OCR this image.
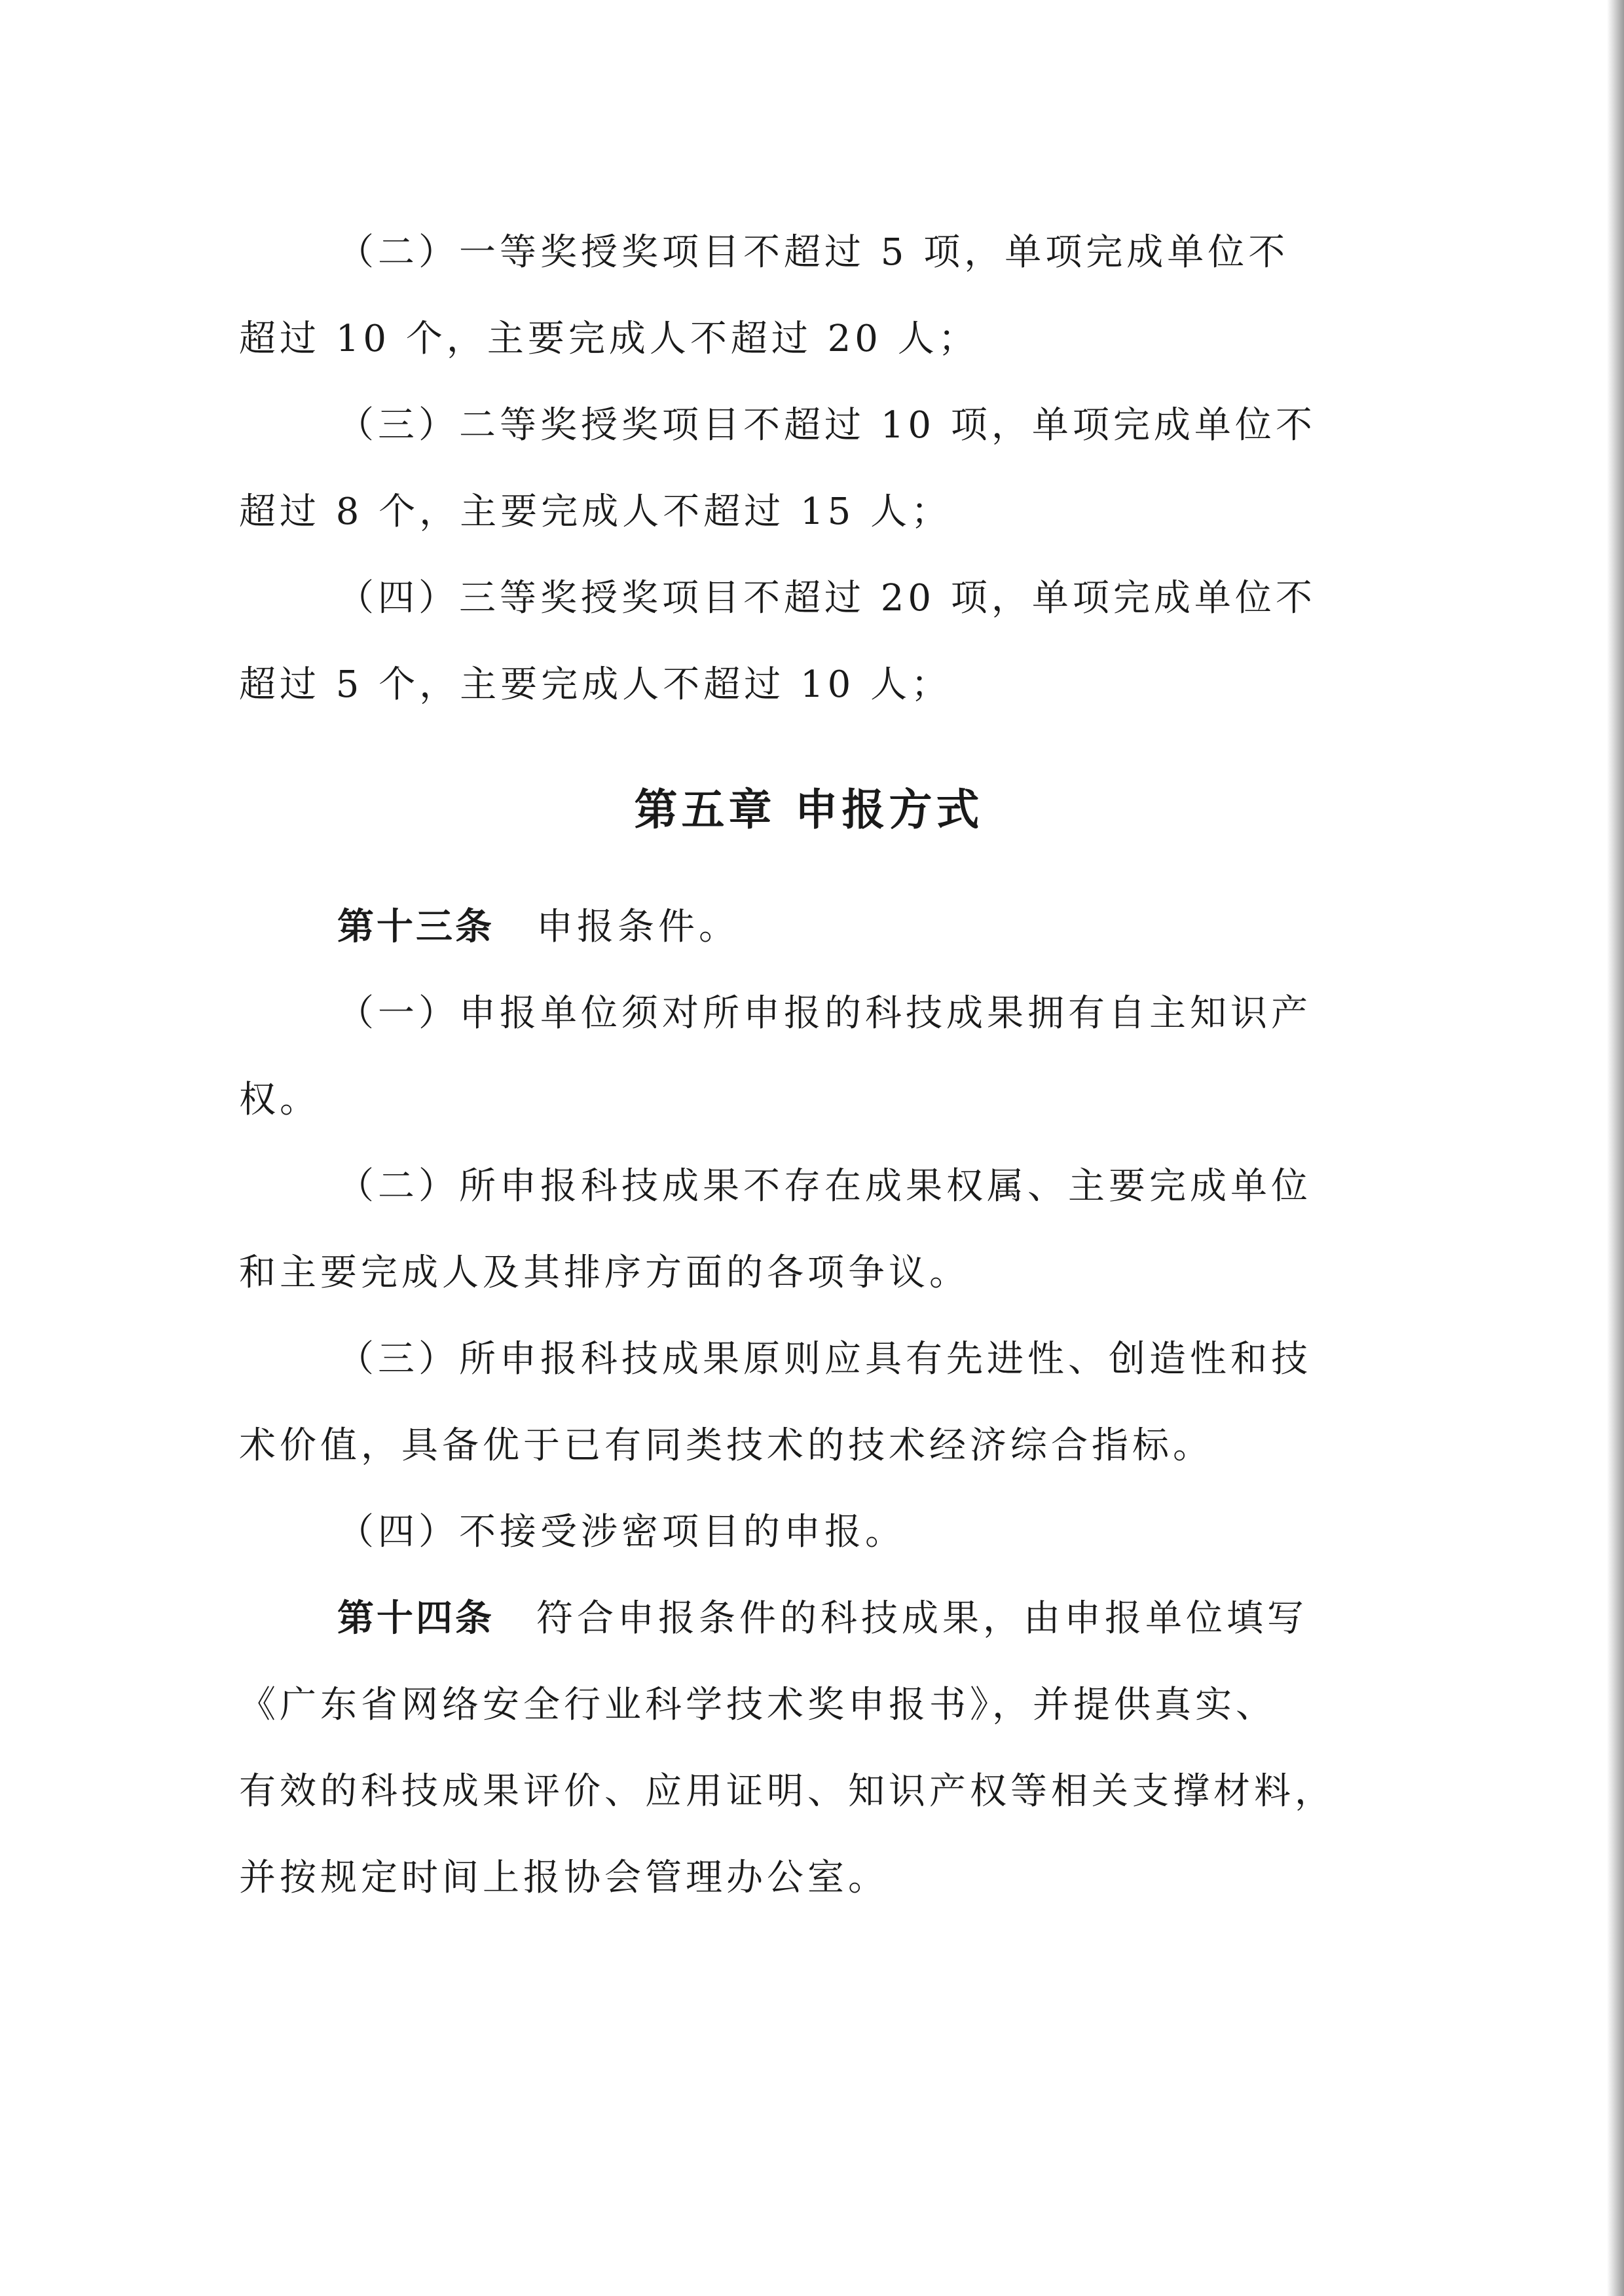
（二）一等奖授奖项目不超过 5 项，单项完成单位不
超过 10 个，主要完成人不超过 20 人；
（三）二等奖授奖项目不超过 10 项，单项完成单位不
超过 8 个，主要完成人不超过 15 人；
（四）三等奖授奖项目不超过 20 项，单项完成单位不
超过 5 个，主要完成人不超过 10 人；
第五章 申报方式
第十三条 申报条件。
（一）申报单位须对所申报的科技成果拥有自主知识产
权。
（二）所申报科技成果不存在成果权属、主要完成单位
和主要完成人及其排序方面的各项争议。
（三）所申报科技成果原则应具有先进性、创造性和技
术价值，具备优于已有同类技术的技术经济综合指标。
（四）不接受涉密项目的申报。
第十四条 符合申报条件的科技成果，由申报单位填写
《广东省网络安全行业科学技术奖申报书》，并提供真实、
有效的科技成果评价、应用证明、知识产权等相关支撑材料，
并按规定时间上报协会管理办公室。
